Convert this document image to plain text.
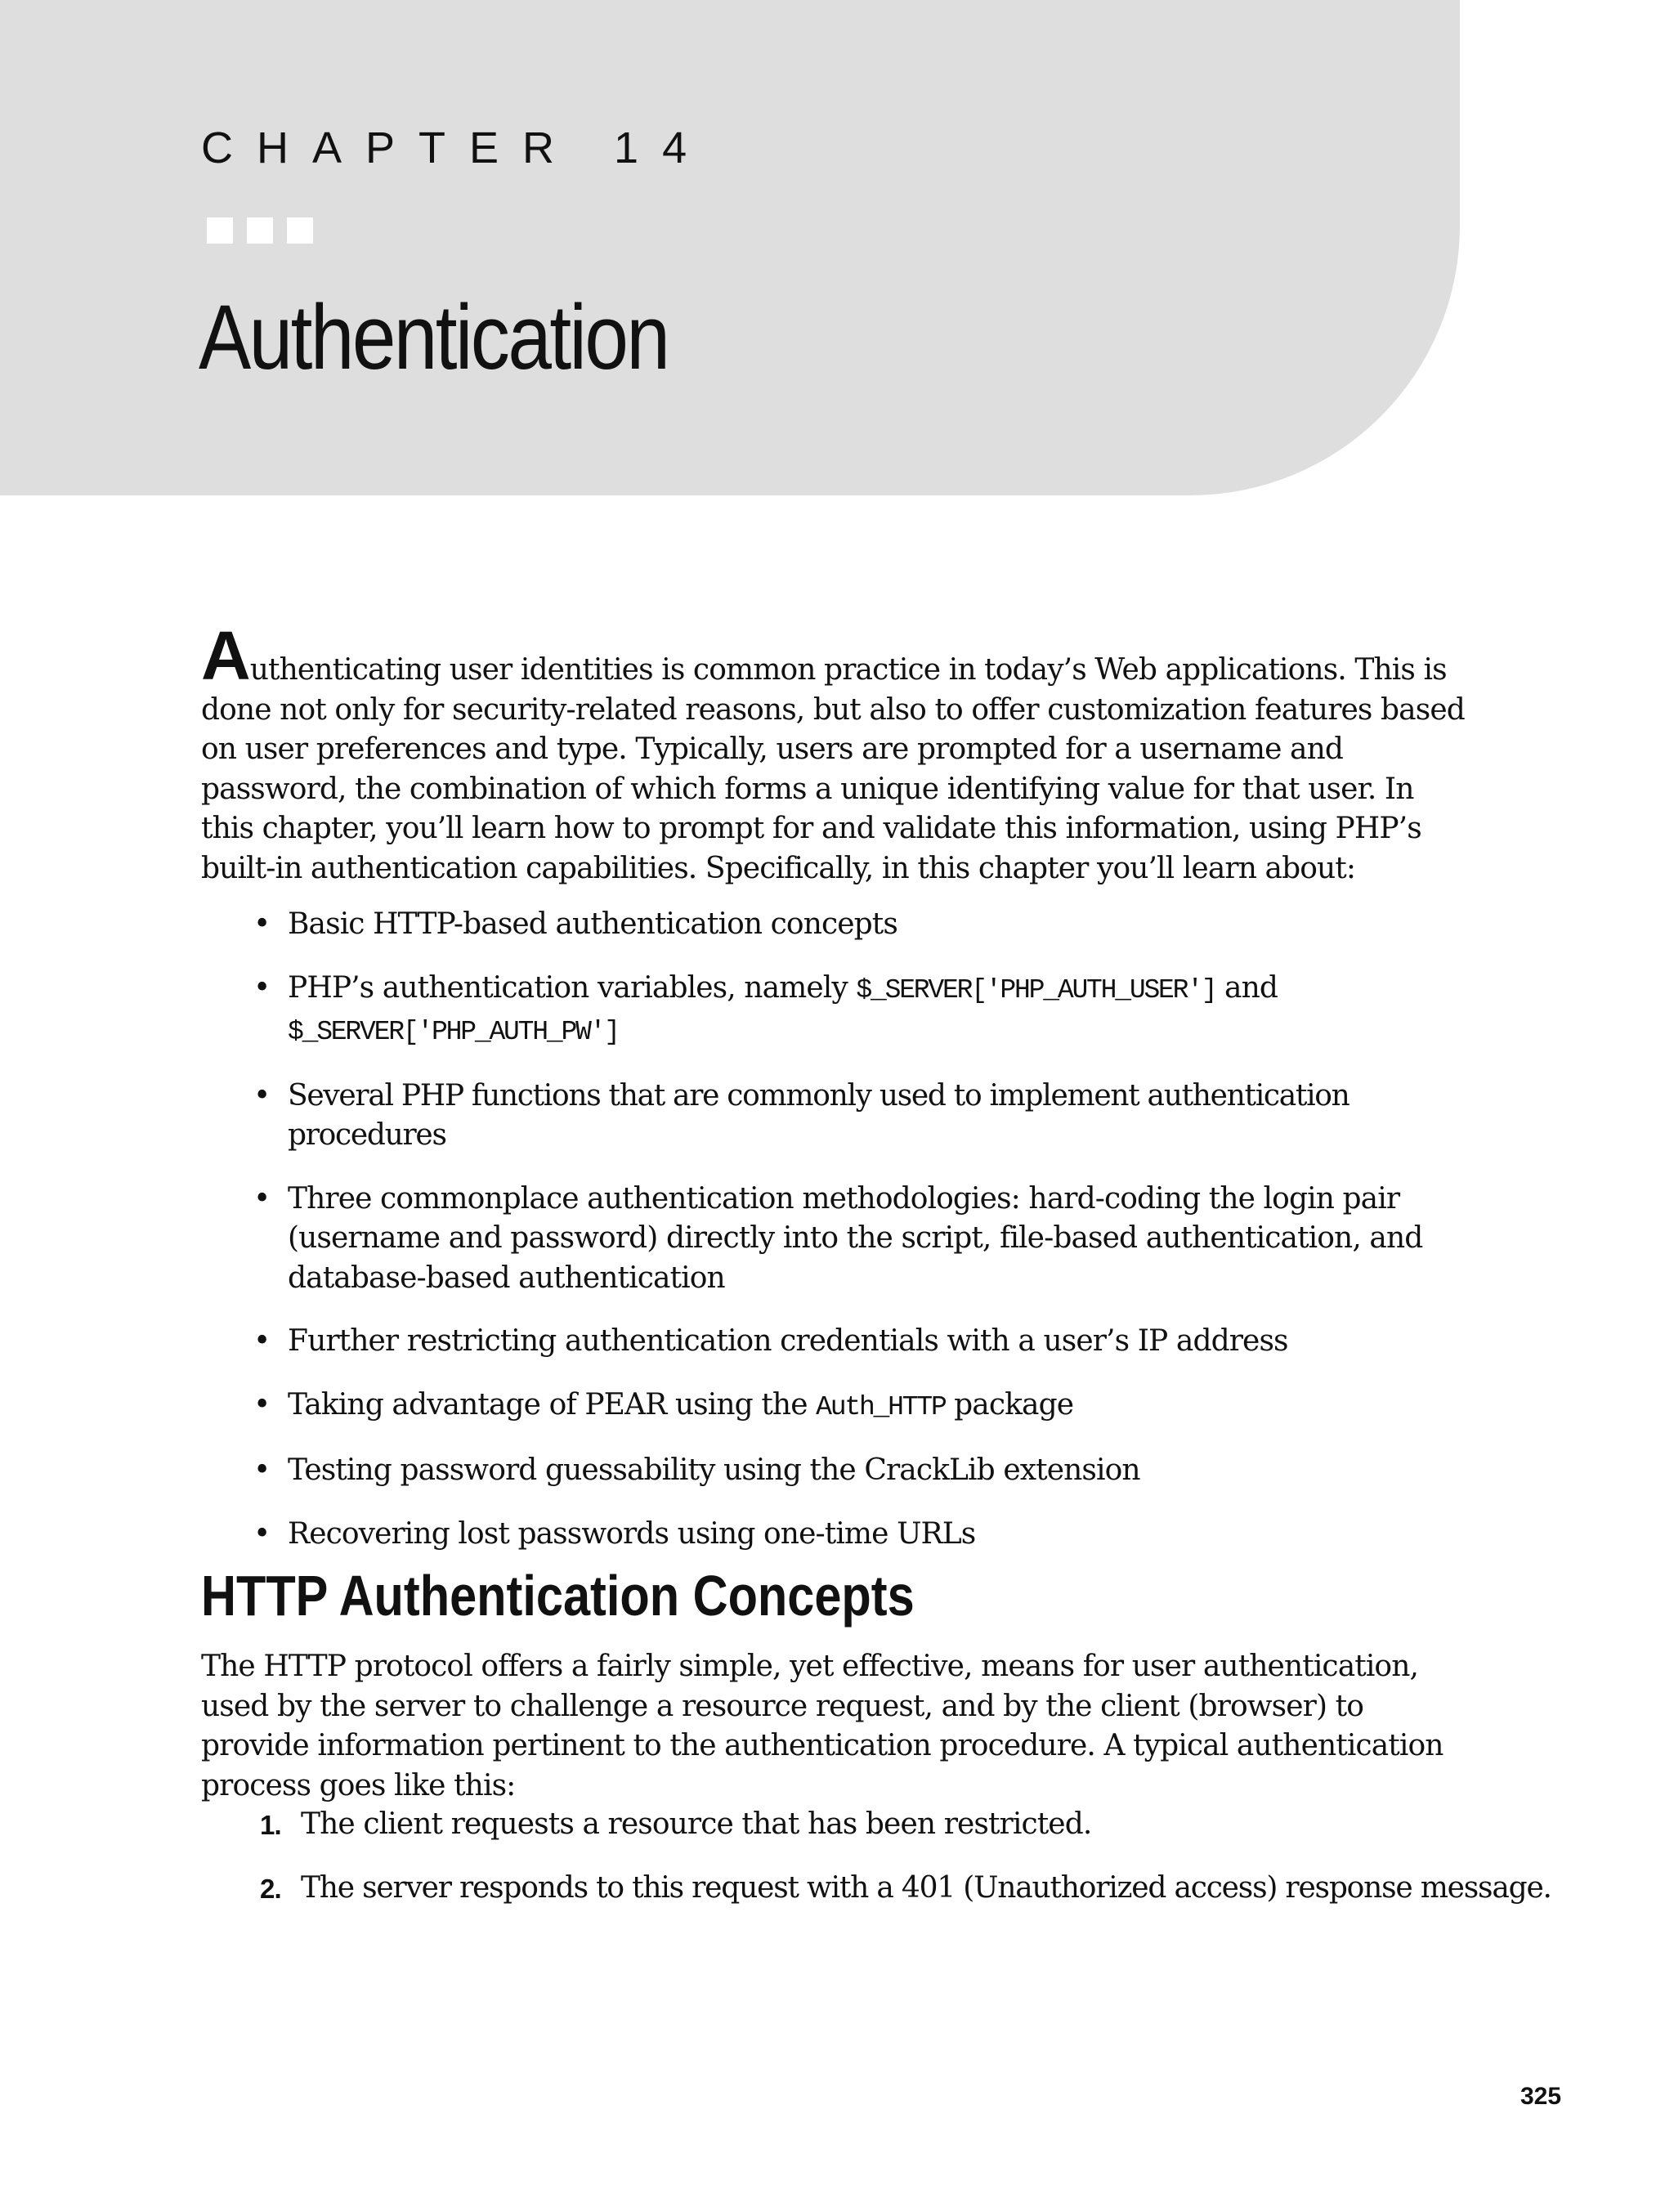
CHAPTER 14
Authentication

Authenticating user identities is common practice in today’s Web applications. This is done not only for security-related reasons, but also to offer customization features based on user preferences and type. Typically, users are prompted for a username and password, the combination of which forms a unique identifying value for that user. In this chapter, you’ll learn how to prompt for and validate this information, using PHP’s built-in authentication capabilities. Specifically, in this chapter you’ll learn about:

• Basic HTTP-based authentication concepts
• PHP’s authentication variables, namely $_SERVER['PHP_AUTH_USER'] and
$_SERVER['PHP_AUTH_PW']
• Several PHP functions that are commonly used to implement authentication procedures
• Three commonplace authentication methodologies: hard-coding the login pair (username and password) directly into the script, file-based authentication, and database-based authentication
• Further restricting authentication credentials with a user’s IP address
• Taking advantage of PEAR using the Auth_HTTP package
• Testing password guessability using the CrackLib extension
• Recovering lost passwords using one-time URLs
HTTP Authentication Concepts

The HTTP protocol offers a fairly simple, yet effective, means for user authentication, used by the server to challenge a resource request, and by the client (browser) to provide information pertinent to the authentication procedure. A typical authentication process goes like this:

1. The client requests a resource that has been restricted.
2. The server responds to this request with a 401 (Unauthorized access) response message.
325
